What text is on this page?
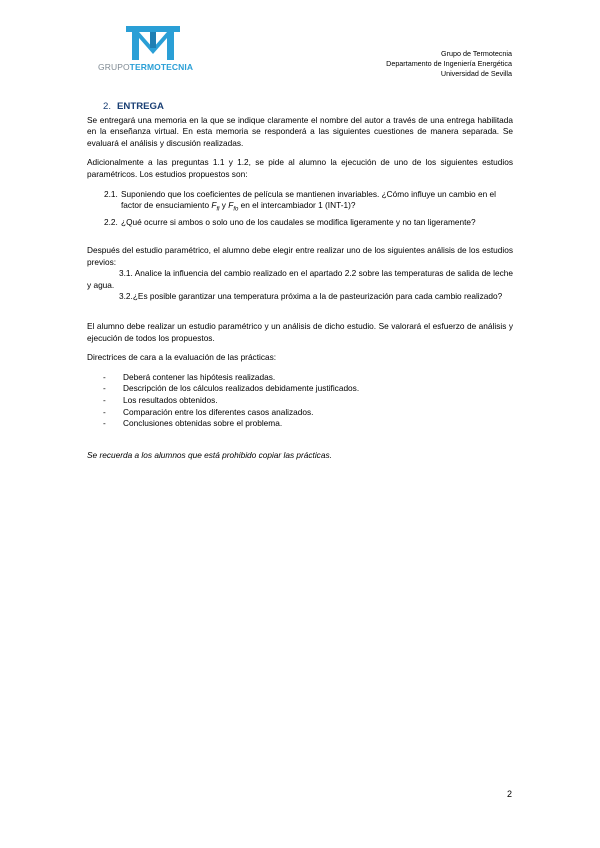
GRUPOTERMOTECNIA
Grupo de Termotecnia
Departamento de Ingeniería Energética
Universidad de Sevilla
2. ENTREGA

Se entregará una memoria en la que se indique claramente el nombre del autor a través de una entrega habilitada en la enseñanza virtual. En esta memoria se responderá a las siguientes cuestiones de manera separada. Se evaluará el análisis y discusión realizadas.

Adicionalmente a las preguntas 1.1 y 1.2, se pide al alumno la ejecución de uno de los siguientes estudios paramétricos. Los estudios propuestos son:

2.1. Suponiendo que los coeficientes de película se mantienen invariables. ¿Cómo influye un cambio en el factor de ensuciamiento $F_{fi}$ y $F_{fo}$ en el intercambiador 1 (INT-1)?
2.2. ¿Qué ocurre si ambos o solo uno de los caudales se modifica ligeramente y no tan ligeramente?

Después del estudio paramétrico, el alumno debe elegir entre realizar uno de los siguientes análisis de los estudios previos:

3.1. Analice la influencia del cambio realizado en el apartado 2.2 sobre las temperaturas de salida de leche y agua.

3.2.¿Es posible garantizar una temperatura próxima a la de pasteurización para cada cambio realizado?

El alumno debe realizar un estudio paramétrico y un análisis de dicho estudio. Se valorará el esfuerzo de análisis y ejecución de todos los propuestos.

Directrices de cara a la evaluación de las prácticas:

- Deberá contener las hipótesis realizadas.
- Descripción de los cálculos realizados debidamente justificados.
- Los resultados obtenidos.
- Comparación entre los diferentes casos analizados.
- Conclusiones obtenidas sobre el problema.

Se recuerda a los alumnos que está prohibido copiar las prácticas.

2
